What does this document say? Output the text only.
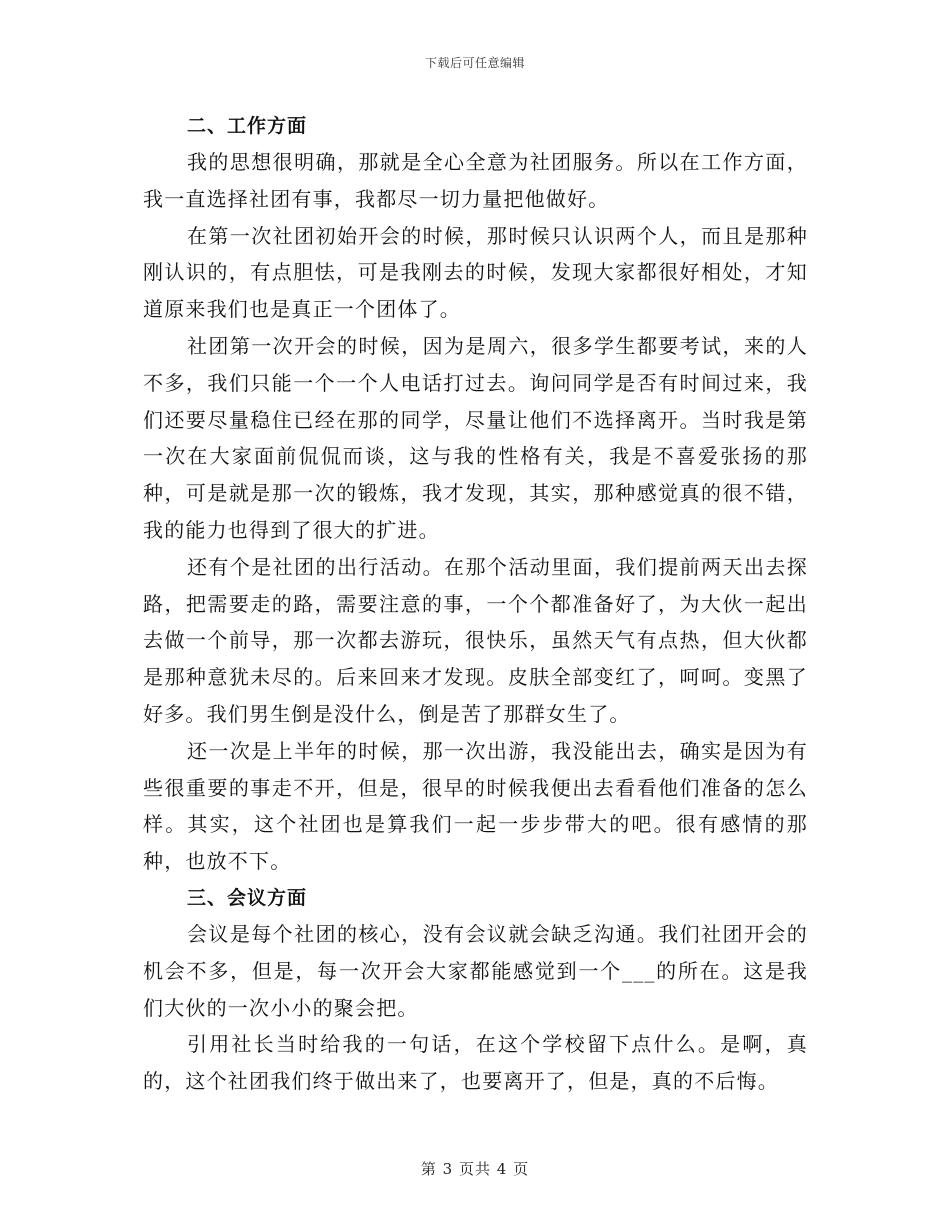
下载后可任意编辑
二、工作方面

我的思想很明确，那就是全心全意为社团服务。所以在工作方面，我一直选择社团有事，我都尽一切力量把他做好。

在第一次社团初始开会的时候，那时候只认识两个人，而且是那种刚认识的，有点胆怯，可是我刚去的时候，发现大家都很好相处，才知道原来我们也是真正一个团体了。

社团第一次开会的时候，因为是周六，很多学生都要考试，来的人不多，我们只能一个一个人电话打过去。询问同学是否有时间过来，我们还要尽量稳住已经在那的同学，尽量让他们不选择离开。当时我是第一次在大家面前侃侃而谈，这与我的性格有关，我是不喜爱张扬的那种，可是就是那一次的锻炼，我才发现，其实，那种感觉真的很不错，我的能力也得到了很大的扩进。

还有个是社团的出行活动。在那个活动里面，我们提前两天出去探路，把需要走的路，需要注意的事，一个个都准备好了，为大伙一起出去做一个前导，那一次都去游玩，很快乐，虽然天气有点热，但大伙都是那种意犹未尽的。后来回来才发现。皮肤全部变红了，呵呵。变黑了好多。我们男生倒是没什么，倒是苦了那群女生了。

还一次是上半年的时候，那一次出游，我没能出去，确实是因为有些很重要的事走不开，但是，很早的时候我便出去看看他们准备的怎么样。其实，这个社团也是算我们一起一步步带大的吧。很有感情的那种，也放不下。

三、会议方面

会议是每个社团的核心，没有会议就会缺乏沟通。我们社团开会的机会不多，但是，每一次开会大家都能感觉到一个___的所在。这是我们大伙的一次小小的聚会把。

引用社长当时给我的一句话，在这个学校留下点什么。是啊，真的，这个社团我们终于做出来了，也要离开了，但是，真的不后悔。

第 3 页共 4 页
